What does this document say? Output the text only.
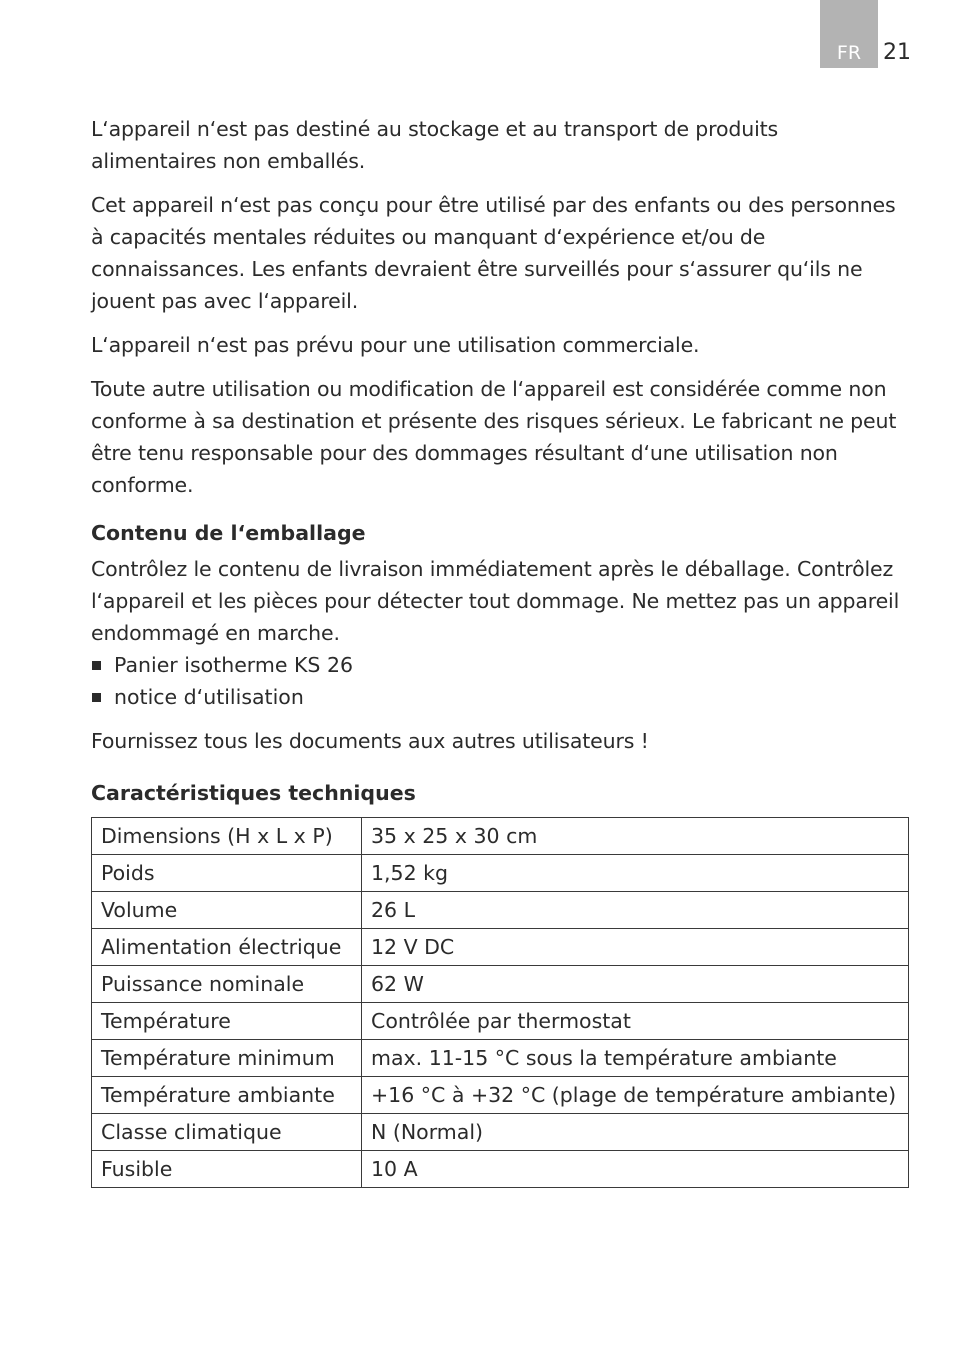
FR 21

L‘appareil n‘est pas destiné au stockage et au transport de produits alimentaires non emballés.

Cet appareil n‘est pas conçu pour être utilisé par des enfants ou des personnes à capacités mentales réduites ou manquant d‘expérience et/ou de connaissances. Les enfants devraient être surveillés pour s‘assurer qu‘ils ne jouent pas avec l‘appareil.

L‘appareil n‘est pas prévu pour une utilisation commerciale.

Toute autre utilisation ou modification de l‘appareil est considérée comme non conforme à sa destination et présente des risques sérieux. Le fabricant ne peut être tenu responsable pour des dommages résultant d‘une utilisation non conforme.

Contenu de l‘emballage

Contrôlez le contenu de livraison immédiatement après le déballage. Contrôlez l‘appareil et les pièces pour détecter tout dommage. Ne mettez pas un appareil endommagé en marche.

Panier isotherme KS 26
notice d‘utilisation

Fournissez tous les documents aux autres utilisateurs !

Caractéristiques techniques
Dimensions (H x L x P)	35 x 25 x 30 cm
Poids	1,52 kg
Volume	26 L
Alimentation électrique	12 V DC
Puissance nominale	62 W
Température	Contrôlée par thermostat
Température minimum	max. 11-15 °C sous la température ambiante
Température ambiante	+16 °C à +32 °C (plage de température ambiante)
Classe climatique	N (Normal)
Fusible	10 A
